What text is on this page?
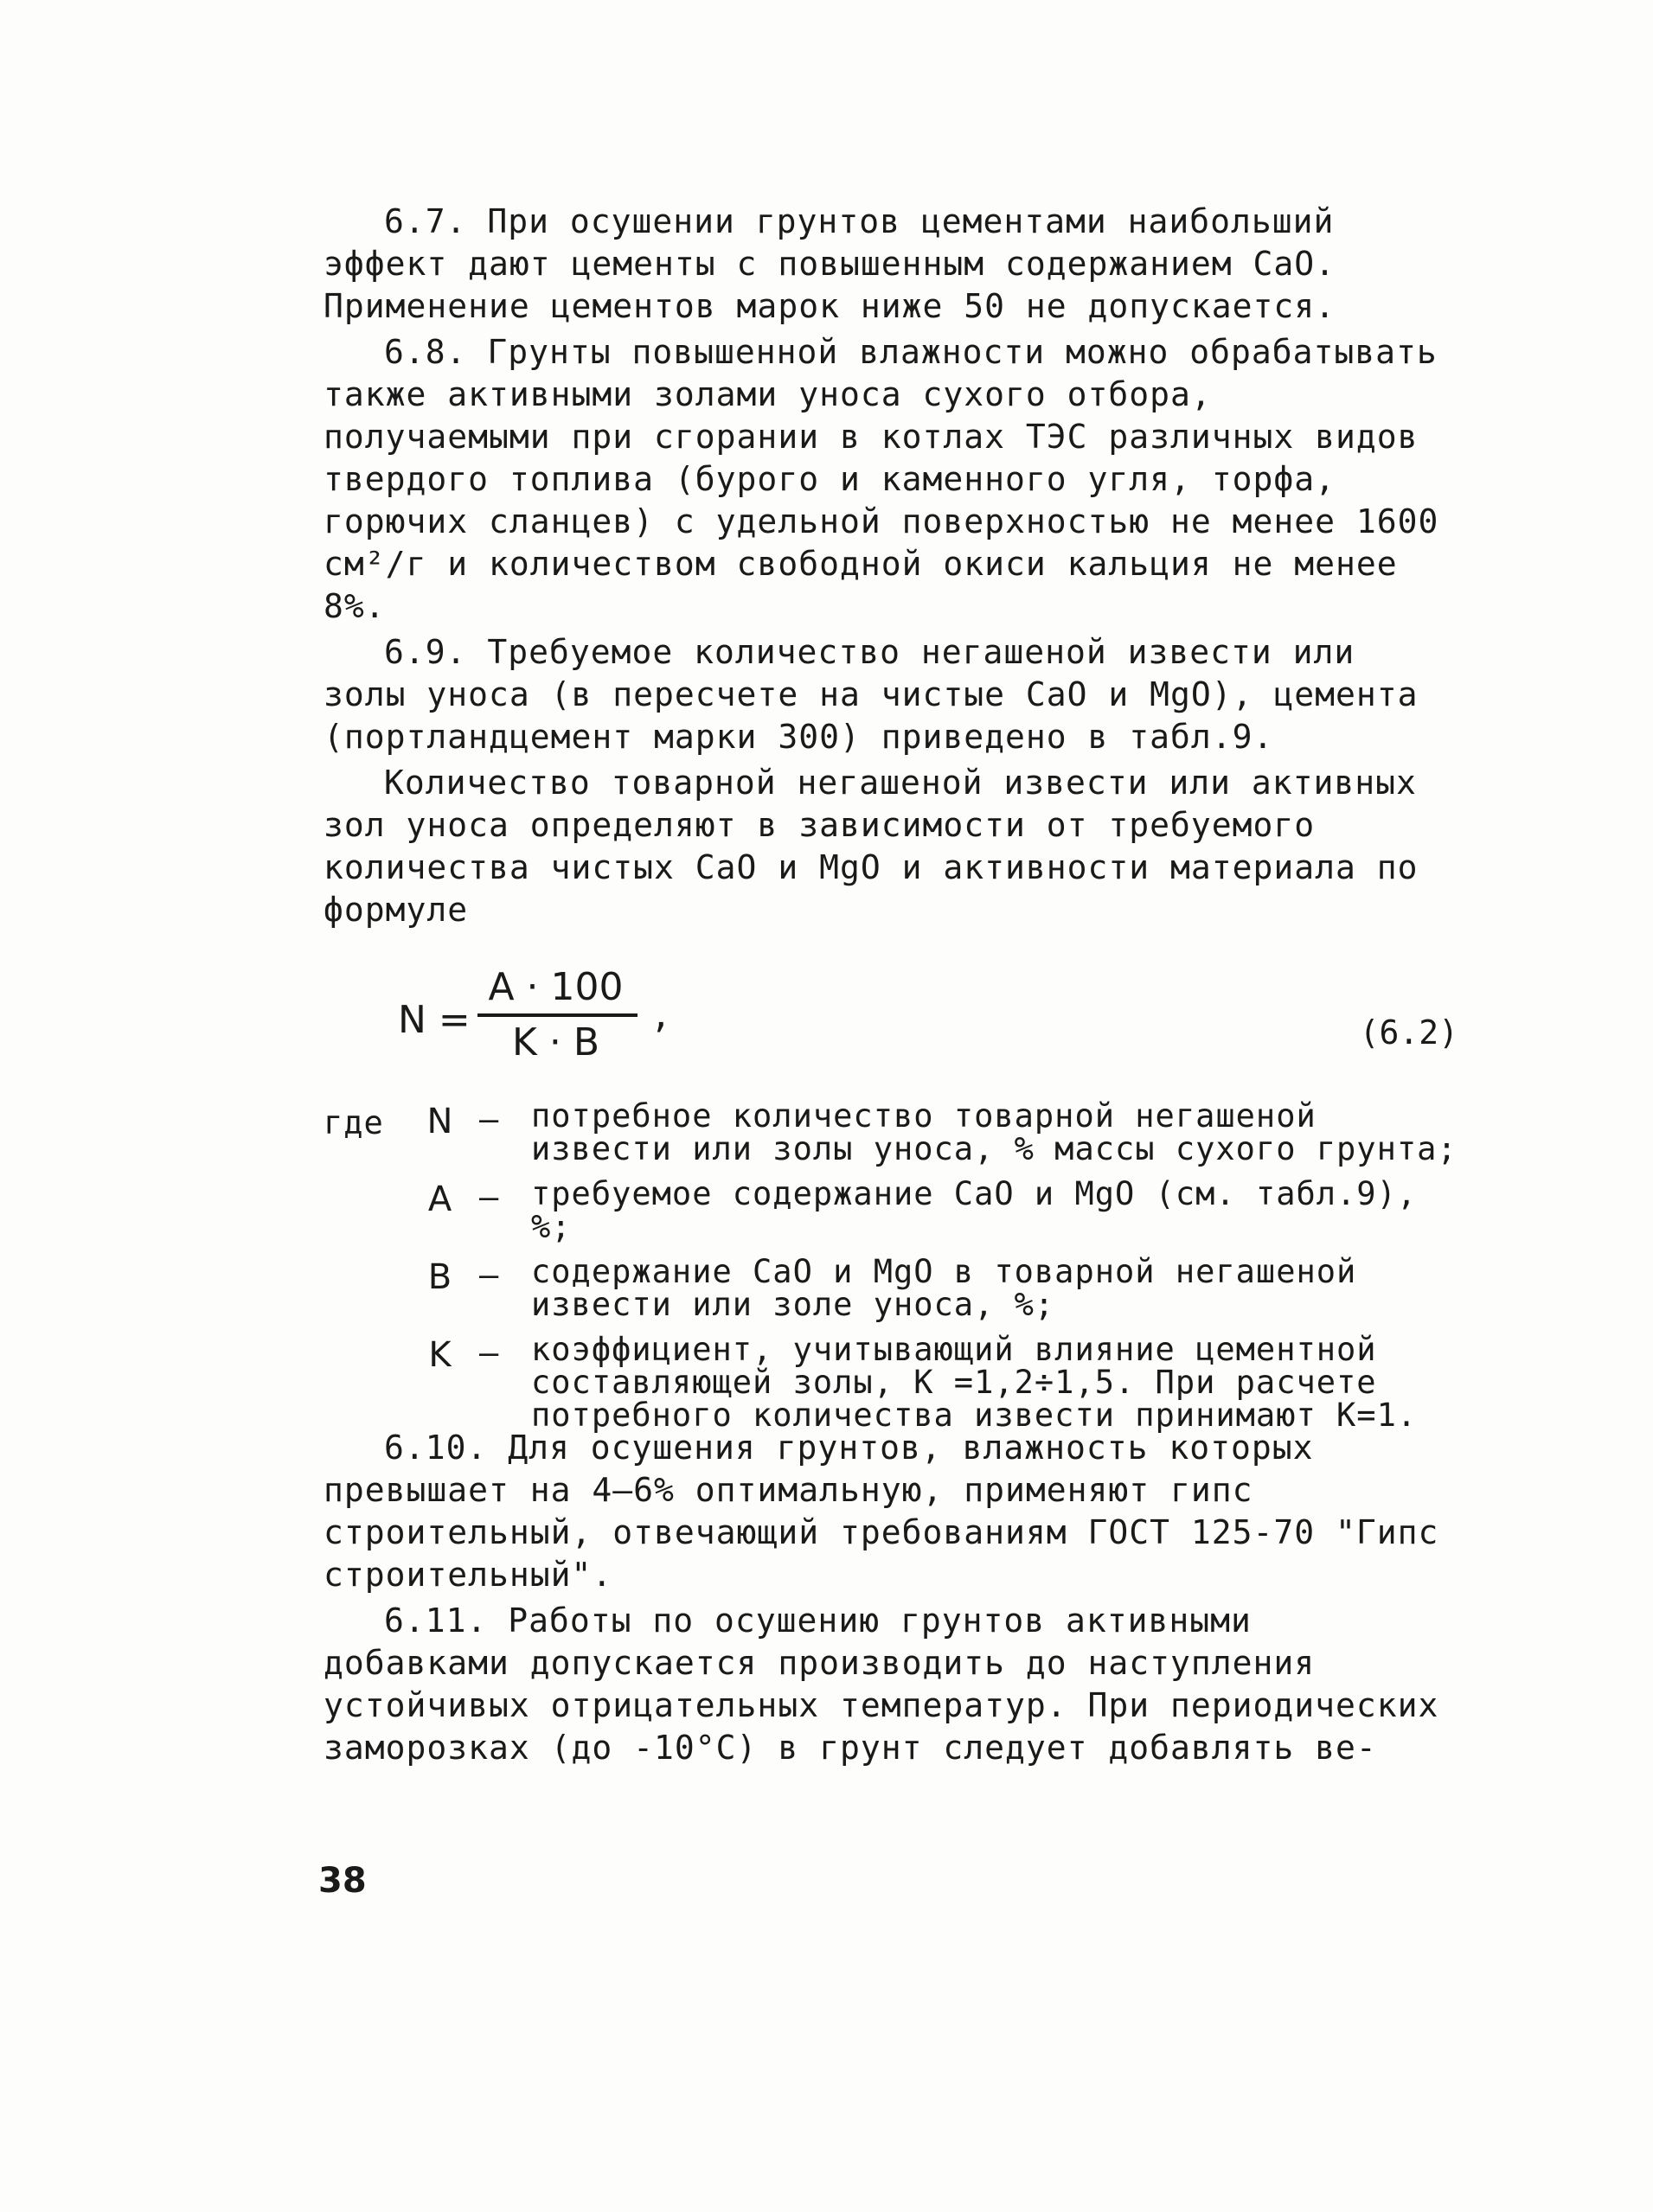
6.7. При осушении грунтов цементами наибольший эффект дают цементы с повышенным содержанием CaO. Применение цементов марок ниже 50 не допускается.

6.8. Грунты повышенной влажности можно обрабатывать также активными золами уноса сухого отбора, получаемыми при сгорании в котлах ТЭС различных видов твердого топлива (бурого и каменного угля, торфа, горючих сланцев) с удельной поверхностью не менее 1600 см²/г и количеством свободной окиси кальция не менее 8%.

6.9. Требуемое количество негашеной извести или золы уноса (в пересчете на чистые CaO и MgO), цемента (портландцемент марки 300) приведено в табл.9.

Количество товарной негашеной извести или активных зол уноса определяют в зависимости от требуемого количества чистых CaO и MgO и активности материала по формуле

N =
A · 100
K · B
,	(6.2)
где N – потребное количество товарной негашеной извести или золы уноса, % массы сухого грунта;
A – требуемое содержание CaO и MgO (см. табл.9), %;
B – содержание CaO и MgO в товарной негашеной извести или золе уноса, %;
K – коэффициент, учитывающий влияние цементной составляющей золы, K =1,2÷1,5. При расчете потребного количества извести принимают K=1.

6.10. Для осушения грунтов, влажность которых превышает на 4–6% оптимальную, применяют гипс строительный, отвечающий требованиям ГОСТ 125-70 "Гипс строительный".

6.11. Работы по осушению грунтов активными добавками допускается производить до наступления устойчивых отрицательных температур. При периодических заморозках (до -10°C) в грунт следует добавлять ве-

38
